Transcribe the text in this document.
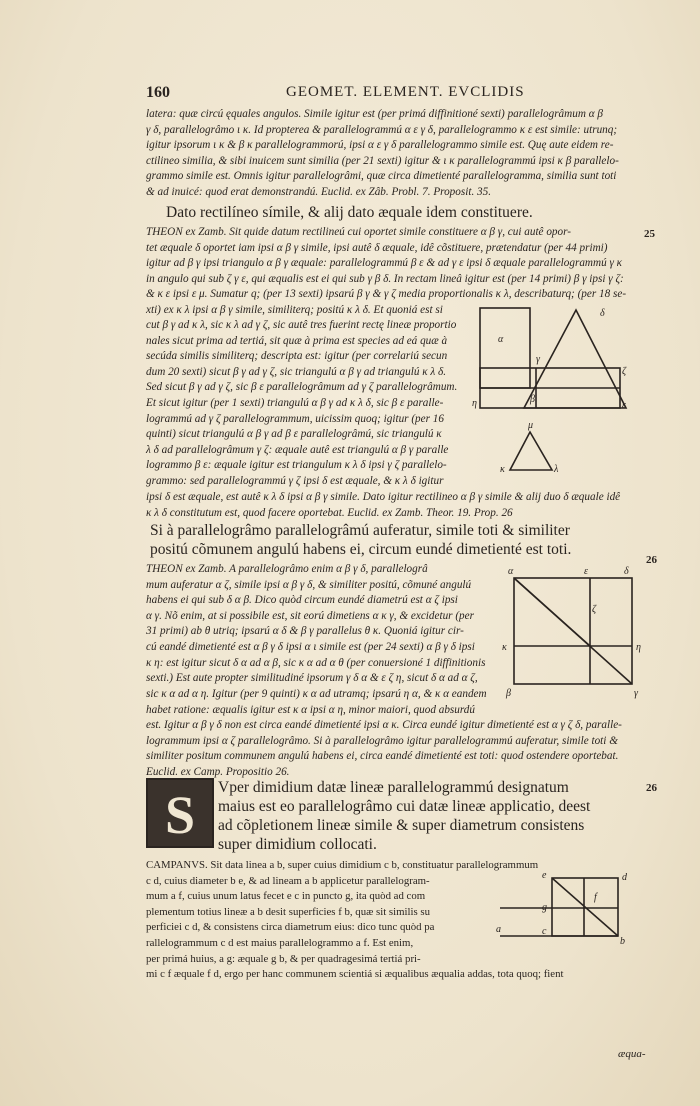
160	GEOMET. ELEMENT. EVCLIDIS

latera: quæ circú ęquales angulos. Simile igitur est (per primá diffinitioné sexti) parallelogrâmum α β

γ δ, parallelogrâmo ι κ. Id propterea & parallelogrammú α ε γ δ, parallelogrammo κ ε est simile: utrunq;

igitur ipsorum ι κ & β κ parallelogrammorú, ipsi α ε γ δ parallelogrammo simile est. Quę aute eidem re-

ctilineo similia, & sibi inuicem sunt similia (per 21 sexti) igitur & ι κ parallelogrammú ipsi κ β parallelo-

grammo simile est. Omnis igitur parallelogrâmi, quæ circa dimetienté parallelogramma, similia sunt toti

& ad inuicé: quod erat demonstrandú. Euclid. ex Zâb. Probl. 7. Proposit. 35.

Dato rectilíneo símile, & alij dato æquale idem constituere.

THEON ex Zamb. Sit quide datum rectilineú cui oportet simile constituere α β γ, cui autê opor-

tet æquale δ oportet iam ipsi α β γ simile, ipsi autê δ æquale, idê cõstituere, prætendatur (per 44 primi)

igitur ad β γ ipsi triangulo α β γ æquale: parallelogrammú β ε & ad γ ε ipsi δ æquale parallelogrammú γ κ

in angulo qui sub ζ γ ε, qui æqualis est ei qui sub γ β δ. In rectam lineâ igitur est (per 14 primi) β γ ipsi γ ζ:

& κ ε ipsi ε μ. Sumatur q; (per 13 sexti) ipsarú β γ & γ ζ media proportionalis κ λ, describaturq; (per 18 se-

xti) ex κ λ ipsi α β γ simile, similiterq; positú κ λ δ. Et quoniá est si

25

cut β γ ad κ λ, sic κ λ ad γ ζ, sic autê tres fuerint rectę lineæ proportio

nales sicut prima ad tertiá, sit quæ à prima est species ad eá quæ à

secúda similis similiterq; descripta est: igitur (per correlariú secun

dum 20 sexti) sicut β γ ad γ ζ, sic triangulú α β γ ad triangulú κ λ δ.

Sed sicut β γ ad γ ζ, sic β ε parallelogrâmum ad γ ζ parallelogrâmum.

Et sicut igitur (per 1 sexti) triangulú α β γ ad κ λ δ, sic β ε paralle-

logrammú ad γ ζ parallelogrammum, uicissim quoq; igitur (per 16

quinti) sicut triangulú α β γ ad β ε parallelogrâmú, sic triangulú κ

λ δ ad parallelogrâmum γ ζ: æquale autê est triangulú α β γ paralle

logrammo β ε: æquale igitur est triangulum κ λ δ ipsi γ ζ parallelo-

grammo: sed parallelogrammú γ ζ ipsi δ est æquale, & κ λ δ igitur

α
δ
γ
ζ
η	ε
β
μ
κ	λ

ipsi δ est æquale, est autê κ λ δ ipsi α β γ simile. Dato igitur rectilineo α β γ simile & alij duo δ æquale idê

κ λ δ constitutum est, quod facere oportebat. Euclid. ex Zamb. Theor. 19. Prop. 26

Si à parallelogrâmo parallelogrâmú auferatur, simile toti & similiter

positú cõmunem angulú habens ei, circum eundé dimetienté est toti.

26

THEON ex Zamb. A parallelogrâmo enim α β γ δ, parallelogrâ

mum auferatur α ζ, simile ipsi α β γ δ, & similiter positú, cõmuné angulú

habens ei qui sub δ α β. Dico quòd circum eundé diametrú est α ζ ipsi

α γ. Nõ enim, at si possibile est, sit eorú dimetiens α κ γ, & excidetur (per

31 primi) ab θ utriq; ipsarú α δ & β γ parallelus θ κ. Quoniá igitur cir-

cú eandé dimetienté est α β γ δ ipsi α ι simile est (per 24 sexti) α β γ δ ipsi

κ η: est igitur sicut δ α ad α β, sic κ α ad α θ (per conuersioné 1 diffinitionis

sexti.) Est aute propter similitudiné ipsorum γ δ α & ε ζ η, sicut δ α ad α ζ,

α	δ
ε
ζ
κ	η
β	γ

sic κ α ad α η. Igitur (per 9 quinti) κ α ad utramq; ipsarú η α, & κ α eandem

habet ratione: æqualis igitur est κ α ipsi α η, minor maiori, quod absurdú

est. Igitur α β γ δ non est circa eandé dimetienté ipsi α κ. Circa eundé igitur dimetienté est α γ ζ δ, paralle-

logrammum ipsi α ζ parallelogrâmo. Si à parallelogrâmo igitur parallelogrammú auferatur, simile toti &

similiter positum communem angulú habens ei, circa eandé dimetienté est toti: quod ostendere oportebat.

Euclid. ex Camp. Propositio 26.

S	Vper dimidium datæ lineæ parallelogrammú designatum

maius est eo parallelogrâmo cui datæ lineæ applicatio, deest

ad cõpletionem lineæ simile & super diametrum consistens

super dimidium collocati.

26

CAMPANVS. Sit data linea a b, super cuius dimidium c b, constituatur parallelogrammum

c d, cuius diameter b e, & ad lineam a b applicetur parallelogram-

mum a f, cuius unum latus fecet e c in puncto g, ita quòd ad com

plementum totius lineæ a b desit superficies f b, quæ sit similis su

perficiei c d, & consistens circa diametrum eius: dico tunc quòd pa

rallelogrammum c d est maius parallelogrammo a f. Est enim,

per primá huius, a g: æquale g b, & per quadragesimá tertiá pri-

mi c f æquale f d, ergo per hanc communem scientiá si æqualibus æqualia addas, tota quoq; fient

e	d
f
g
a	c
b
æqua-
